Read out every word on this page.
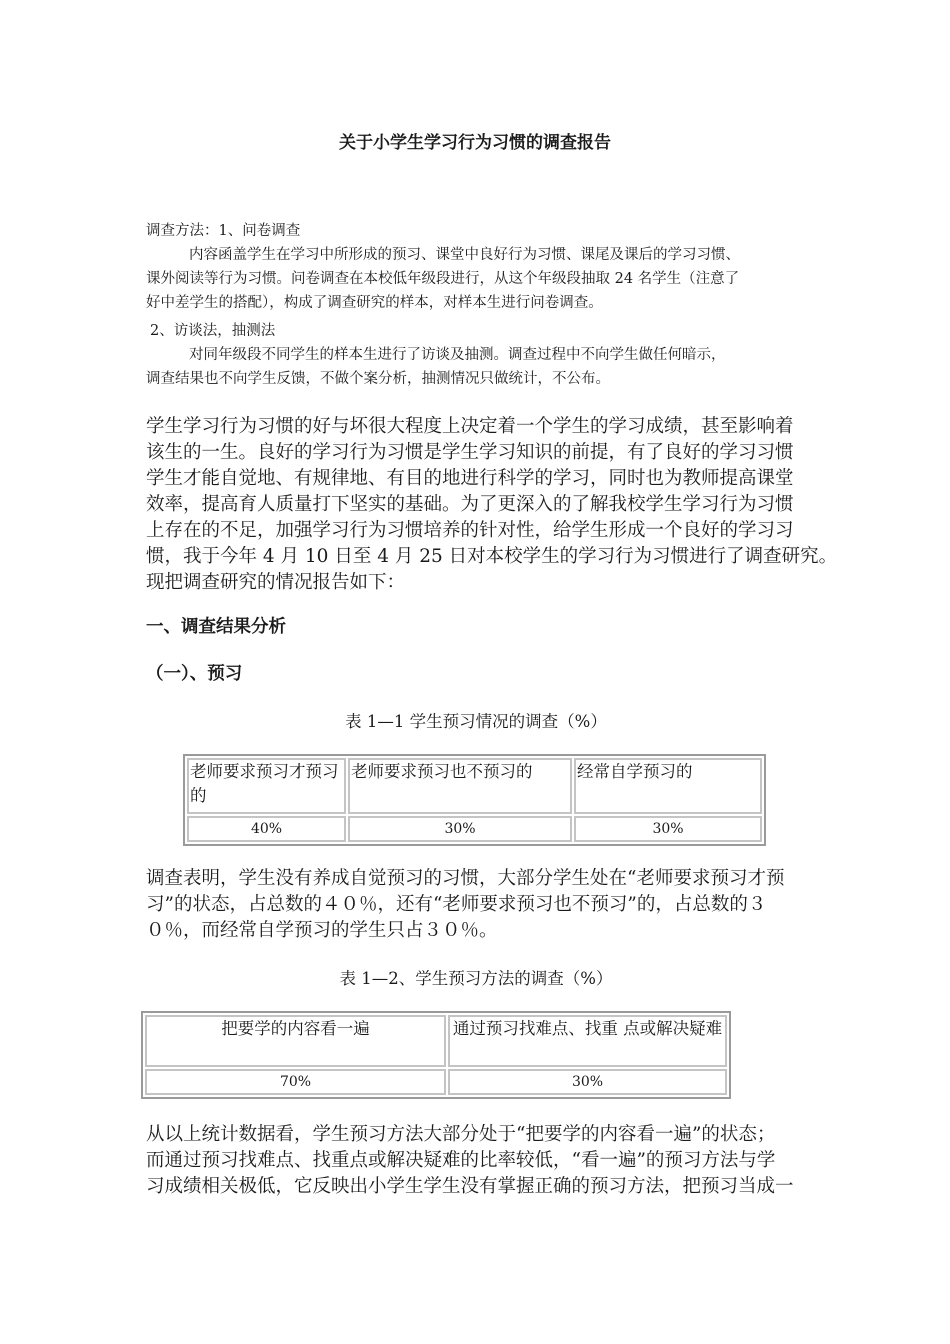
关于小学生学习行为习惯的调查报告
调查方法：1、问卷调查
内容函盖学生在学习中所形成的预习、课堂中良好行为习惯、课尾及课后的学习习惯、
课外阅读等行为习惯。问卷调查在本校低年级段进行，从这个年级段抽取 24 名学生（注意了
好中差学生的搭配），构成了调查研究的样本，对样本生进行问卷调查。
2、访谈法，抽测法
对同年级段不同学生的样本生进行了访谈及抽测。调查过程中不向学生做任何暗示，
调查结果也不向学生反馈，不做个案分析，抽测情况只做统计，不公布。
学生学习行为习惯的好与坏很大程度上决定着一个学生的学习成绩，甚至影响着
该生的一生。良好的学习行为习惯是学生学习知识的前提，有了良好的学习习惯
学生才能自觉地、有规律地、有目的地进行科学的学习，同时也为教师提高课堂
效率，提高育人质量打下坚实的基础。为了更深入的了解我校学生学习行为习惯
上存在的不足，加强学习行为习惯培养的针对性，给学生形成一个良好的学习习
惯，我于今年 4 月 10 日至 4 月 25 日对本校学生的学习行为习惯进行了调查研究。
现把调查研究的情况报告如下：
一、调查结果分析
（一）、预习
表 1—1 学生预习情况的调查（%）
老师要求预习才预习的	老师要求预习也不预习的	经常自学预习的
40%	30%	30%
调查表明，学生没有养成自觉预习的习惯，大部分学生处在“老师要求预习才预
习”的状态，占总数的４０％，还有“老师要求预习也不预习”的，占总数的３
０％，而经常自学预习的学生只占３０％。
表 1—2、学生预习方法的调查（%）
把要学的内容看一遍	通过预习找难点、找重 点或解决疑难
70%	30%
从以上统计数据看，学生预习方法大部分处于“把要学的内容看一遍”的状态；
而通过预习找难点、找重点或解决疑难的比率较低，“看一遍”的预习方法与学
习成绩相关极低，它反映出小学生学生没有掌握正确的预习方法，把预习当成一
